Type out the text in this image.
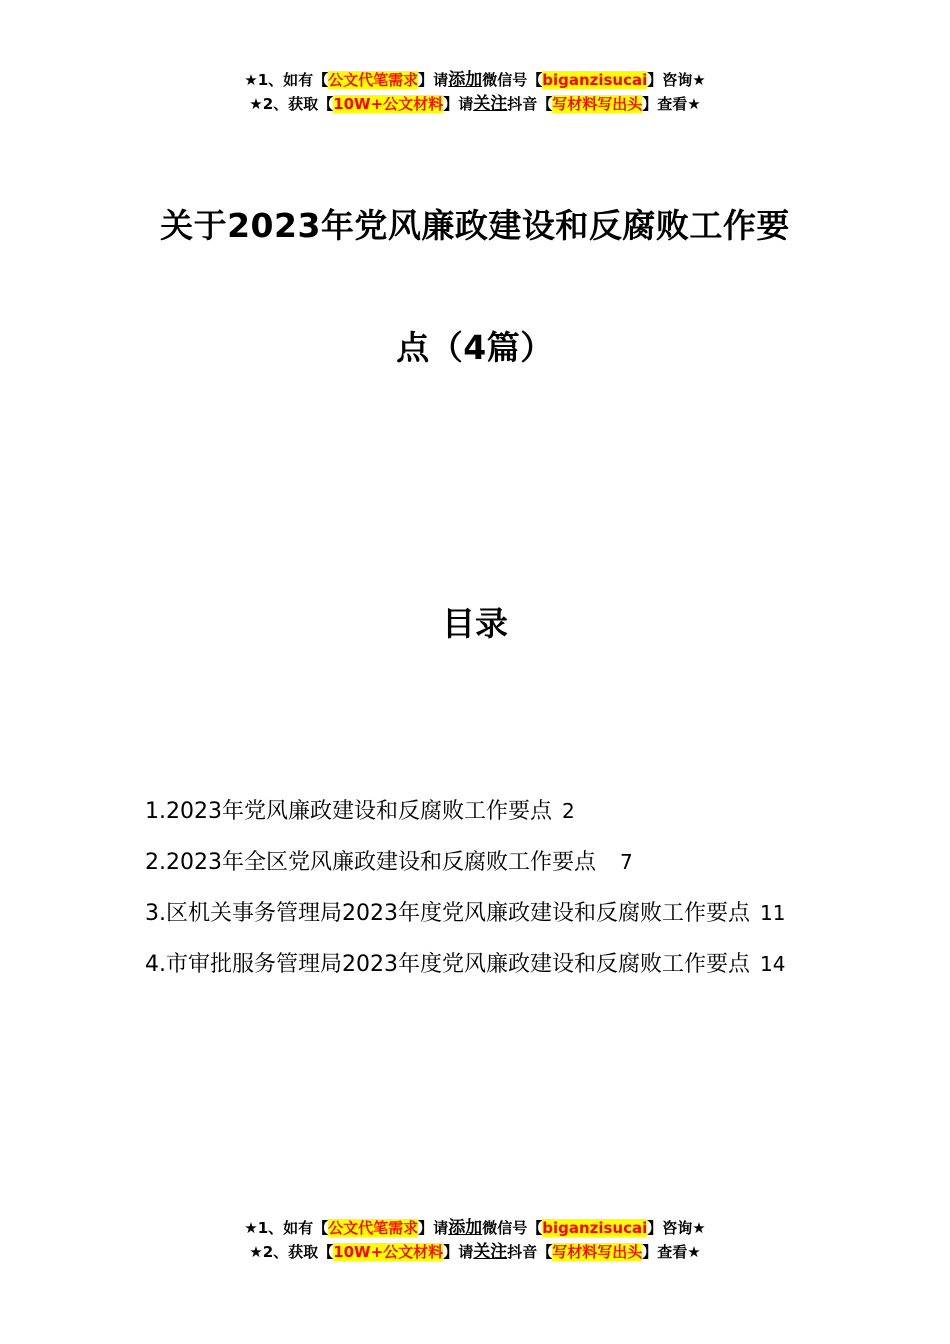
★1、如有【公文代笔需求】请添加微信号【biganzisucai】咨询★
★2、获取【10W+公文材料】请关注抖音【写材料写出头】查看★
关于2023年党风廉政建设和反腐败工作要
点（4篇）
目录
1.2023年党风廉政建设和反腐败工作要点 2
2.2023年全区党风廉政建设和反腐败工作要点 7
3.区机关事务管理局2023年度党风廉政建设和反腐败工作要点 11
4.市审批服务管理局2023年度党风廉政建设和反腐败工作要点 14
★1、如有【公文代笔需求】请添加微信号【biganzisucai】咨询★
★2、获取【10W+公文材料】请关注抖音【写材料写出头】查看★
